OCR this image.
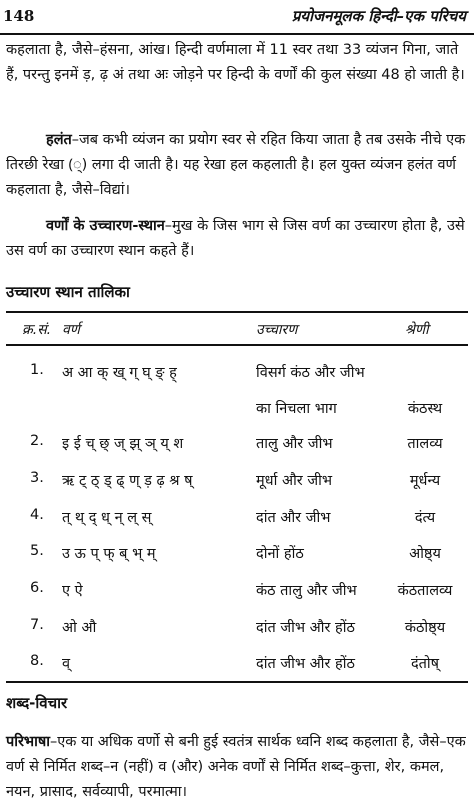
148	प्रयोजनमूलक हिन्दी–एक परिचय
कहलाता है, जैसे–हंसना, आंख। हिन्दी वर्णमाला में 11 स्वर तथा 33 व्यंजन गिना, जाते हैं, परन्तु इनमें ड़, ढ़ अं तथा अः जोड़ने पर हिन्दी के वर्णों की कुल संख्या 48 हो जाती है।
हलंत–जब कभी व्यंजन का प्रयोग स्वर से रहित किया जाता है तब उसके नीचे एक तिरछी रेखा (्) लगा दी जाती है। यह रेखा हल कहलाती है। हल युक्त व्यंजन हलंत वर्ण कहलाता है, जैसे–विद्यां।
वर्णों के उच्चारण-स्थान–मुख के जिस भाग से जिस वर्ण का उच्चारण होता है, उसे उस वर्ण का उच्चारण स्थान कहते हैं।
उच्चारण स्थान तालिका
क्र.सं. वर्ण	उच्चारण	श्रेणी
1. अ आ क् ख् ग् घ् ङ् ह्	विसर्ग कंठ और जीभ
का निचला भाग	कंठस्थ
2. इ ई च् छ् ज् झ् ञ् य् श	तालु और जीभ	तालव्य
3. ऋ ट् ठ् ड् ढ् ण् ड़ ढ़ श्र ष्	मूर्धा और जीभ	मूर्धन्य
4. त् थ् द् ध् न् ल् स्	दांत और जीभ	दंत्य
5. उ ऊ प् फ् ब् भ् म्	दोनों होंठ	ओष्ठ्य
6. ए ऐ	कंठ तालु और जीभ	कंठतालव्य
7. ओ औ	दांत जीभ और होंठ	कंठोष्ठ्य
8. व्	दांत जीभ और होंठ	दंतोष्
शब्द-विचार
परिभाषा–एक या अधिक वर्णो से बनी हुई स्वतंत्र सार्थक ध्वनि शब्द कहलाता है, जैसे–एक वर्ण से निर्मित शब्द–न (नहीं) व (और) अनेक वर्णों से निर्मित शब्द–कुत्ता, शेर, कमल, नयन, प्रासाद, सर्वव्यापी, परमात्मा।
